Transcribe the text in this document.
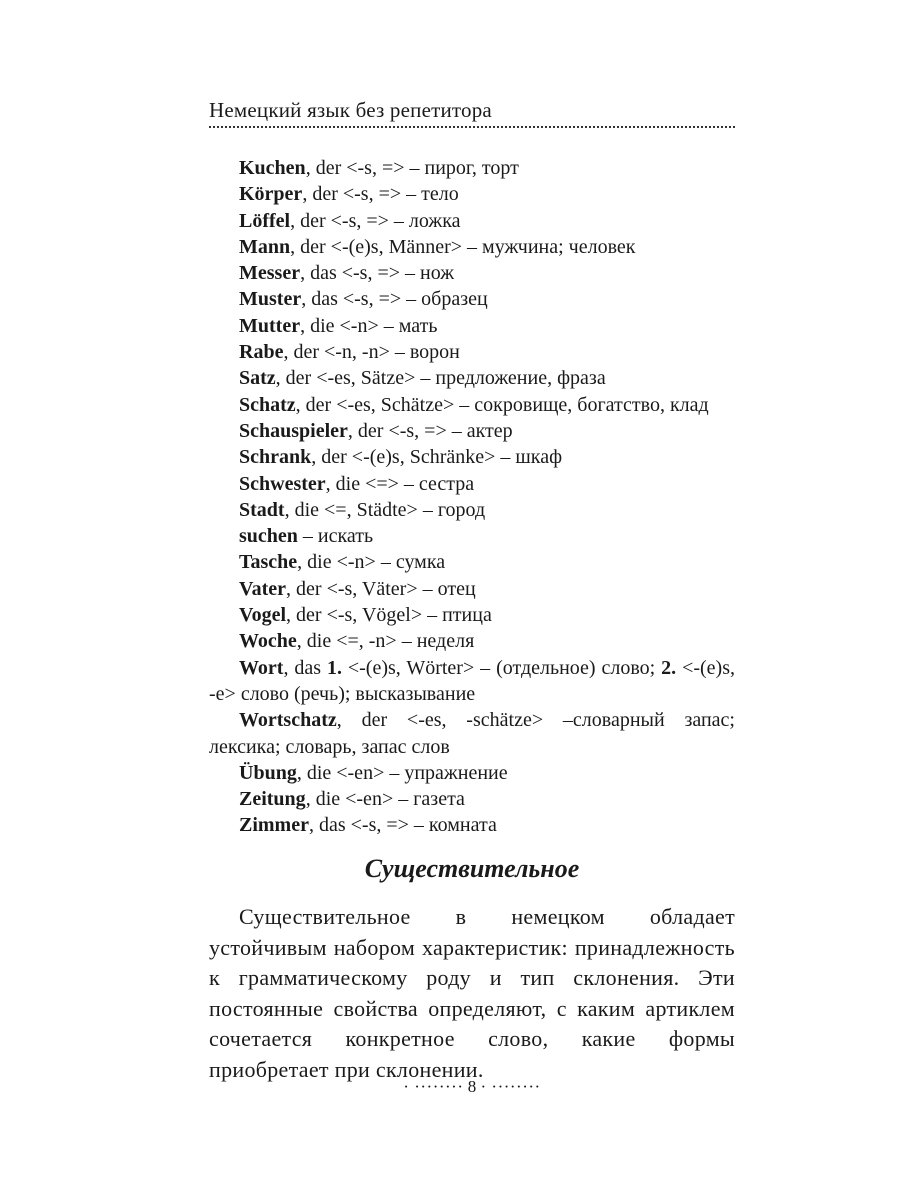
Немецкий язык без репетитора
Kuchen, der <-s, => – пирог, торт
Körper, der <-s, => – тело
Löffel, der <-s, => – ложка
Mann, der <-(e)s, Männer> – мужчина; человек
Messer, das <-s, => – нож
Muster, das <-s, => – образец
Mutter, die <-n> – мать
Rabe, der <-n, -n> – ворон
Satz, der <-es, Sätze> – предложение, фраза
Schatz, der <-es, Schätze> – сокровище, богатство, клад
Schauspieler, der <-s, => – актер
Schrank, der <-(e)s, Schränke> – шкаф
Schwester, die <=> – сестра
Stadt, die <=, Städte> – город
suchen – искать
Tasche, die <-n> – сумка
Vater, der <-s, Väter> – отец
Vogel, der <-s, Vögel> – птица
Woche, die <=, -n> – неделя
Wort, das 1. <-(e)s, Wörter> – (отдельное) слово; 2. <-(e)s, -e> слово (речь); высказывание
Wortschatz, der <-es, -schätze> –словарный запас; лексика; словарь, запас слов
Übung, die <-en> – упражнение
Zeitung, die <-en> – газета
Zimmer, das <-s, => – комната
Существительное

Существительное в немецком обладает устойчивым набором характеристик: принадлежность к грамматическому роду и тип склонения. Эти постоянные свойства определяют, с каким артиклем сочетается конкретное слово, какие формы приобретает при склонении.

· ········ 8 · ········
